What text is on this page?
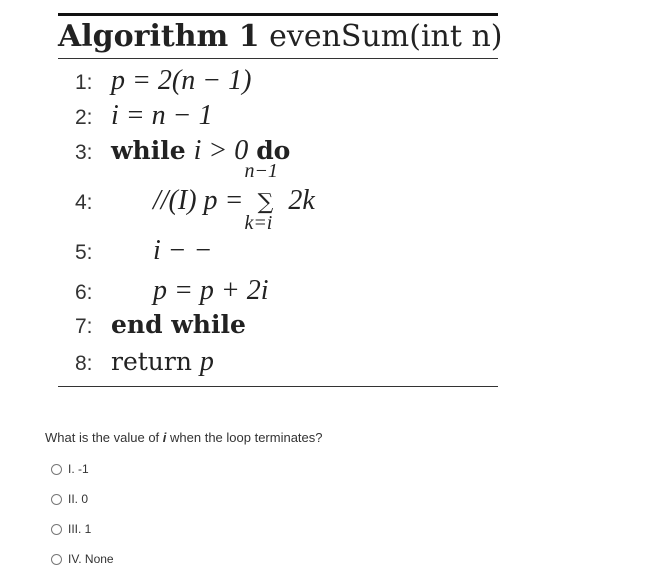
Algorithm 1 evenSum(int n)
1: p = 2(n − 1)
2: i = n − 1
3: while i > 0 do
4: //(I) p =
n−1
∑
k=i
2k
5: i − −
6: p = p + 2i
7: end while
8: return p
What is the value of i when the loop terminates?
I. -1
II. 0
III. 1
IV. None
